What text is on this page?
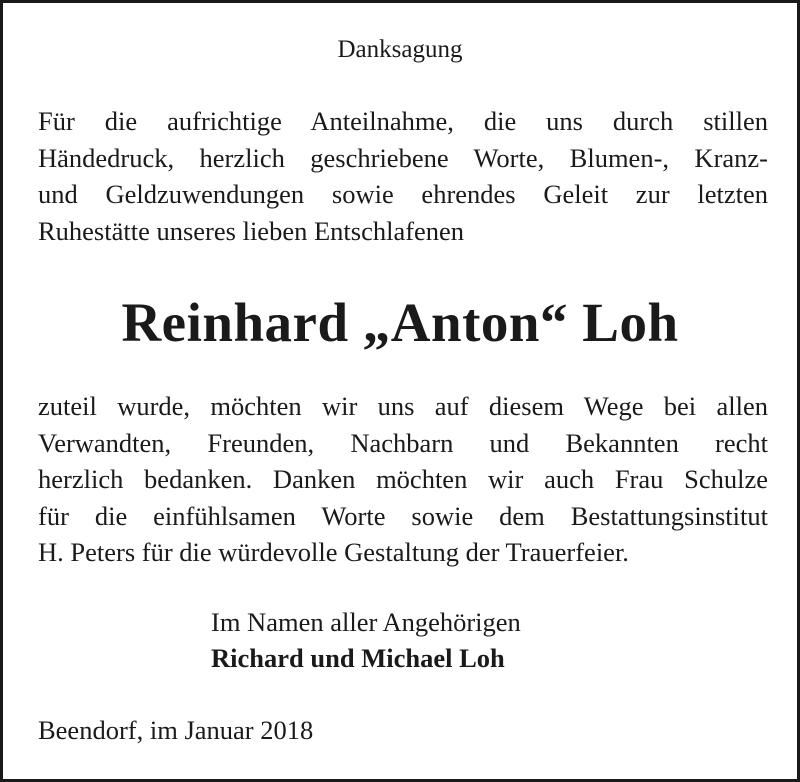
Danksagung
Für die aufrichtige Anteilnahme, die uns durch stillen
Händedruck, herzlich geschriebene Worte, Blumen-, Kranz-
und Geldzuwendungen sowie ehrendes Geleit zur letzten
Ruhestätte unseres lieben Entschlafenen
Reinhard „Anton“ Loh
zuteil wurde, möchten wir uns auf diesem Wege bei allen
Verwandten, Freunden, Nachbarn und Bekannten recht
herzlich bedanken. Danken möchten wir auch Frau Schulze
für die einfühlsamen Worte sowie dem Bestattungsinstitut
H. Peters für die würdevolle Gestaltung der Trauerfeier.
Im Namen aller Angehörigen
Richard und Michael Loh
Beendorf, im Januar 2018
